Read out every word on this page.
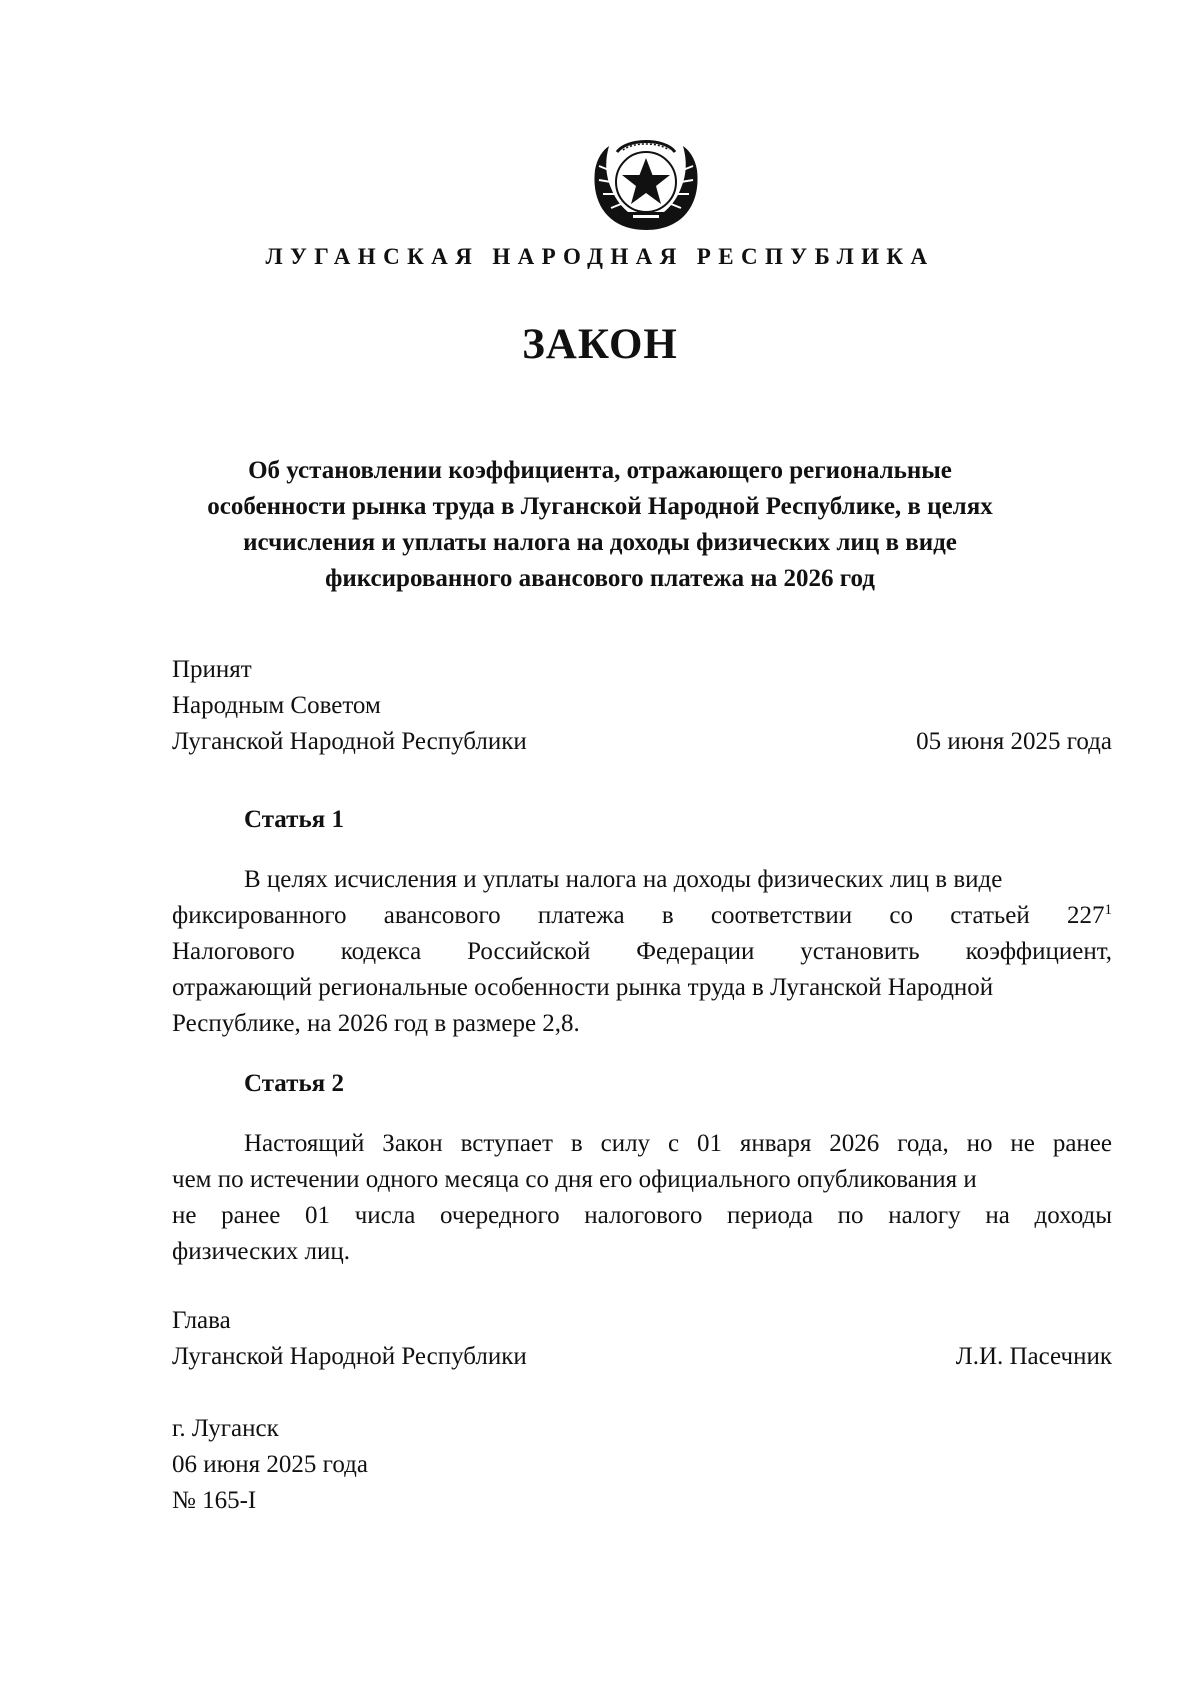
ЛУГАНСКАЯ НАРОДНАЯ РЕСПУБЛИКА
ЗАКОН
Об установлении коэффициента, отражающего региональные
особенности рынка труда в Луганской Народной Республике, в целях
исчисления и уплаты налога на доходы физических лиц в виде
фиксированного авансового платежа на 2026 год
Принят
Народным Советом
Луганской Народной Республики	05 июня 2025 года
Статья 1
В целях исчисления и уплаты налога на доходы физических лиц в виде
фиксированного авансового платежа в соответствии со статьей $227^1$
Налогового кодекса Российской Федерации установить коэффициент,
отражающий региональные особенности рынка труда в Луганской Народной
Республике, на 2026 год в размере 2,8.
Статья 2
Настоящий Закон вступает в силу с 01 января 2026 года, но не ранее
чем по истечении одного месяца со дня его официального опубликования и
не ранее 01 числа очередного налогового периода по налогу на доходы
физических лиц.
Глава
Луганской Народной Республики	Л.И. Пасечник
г. Луганск
06 июня 2025 года
№ 165-I
